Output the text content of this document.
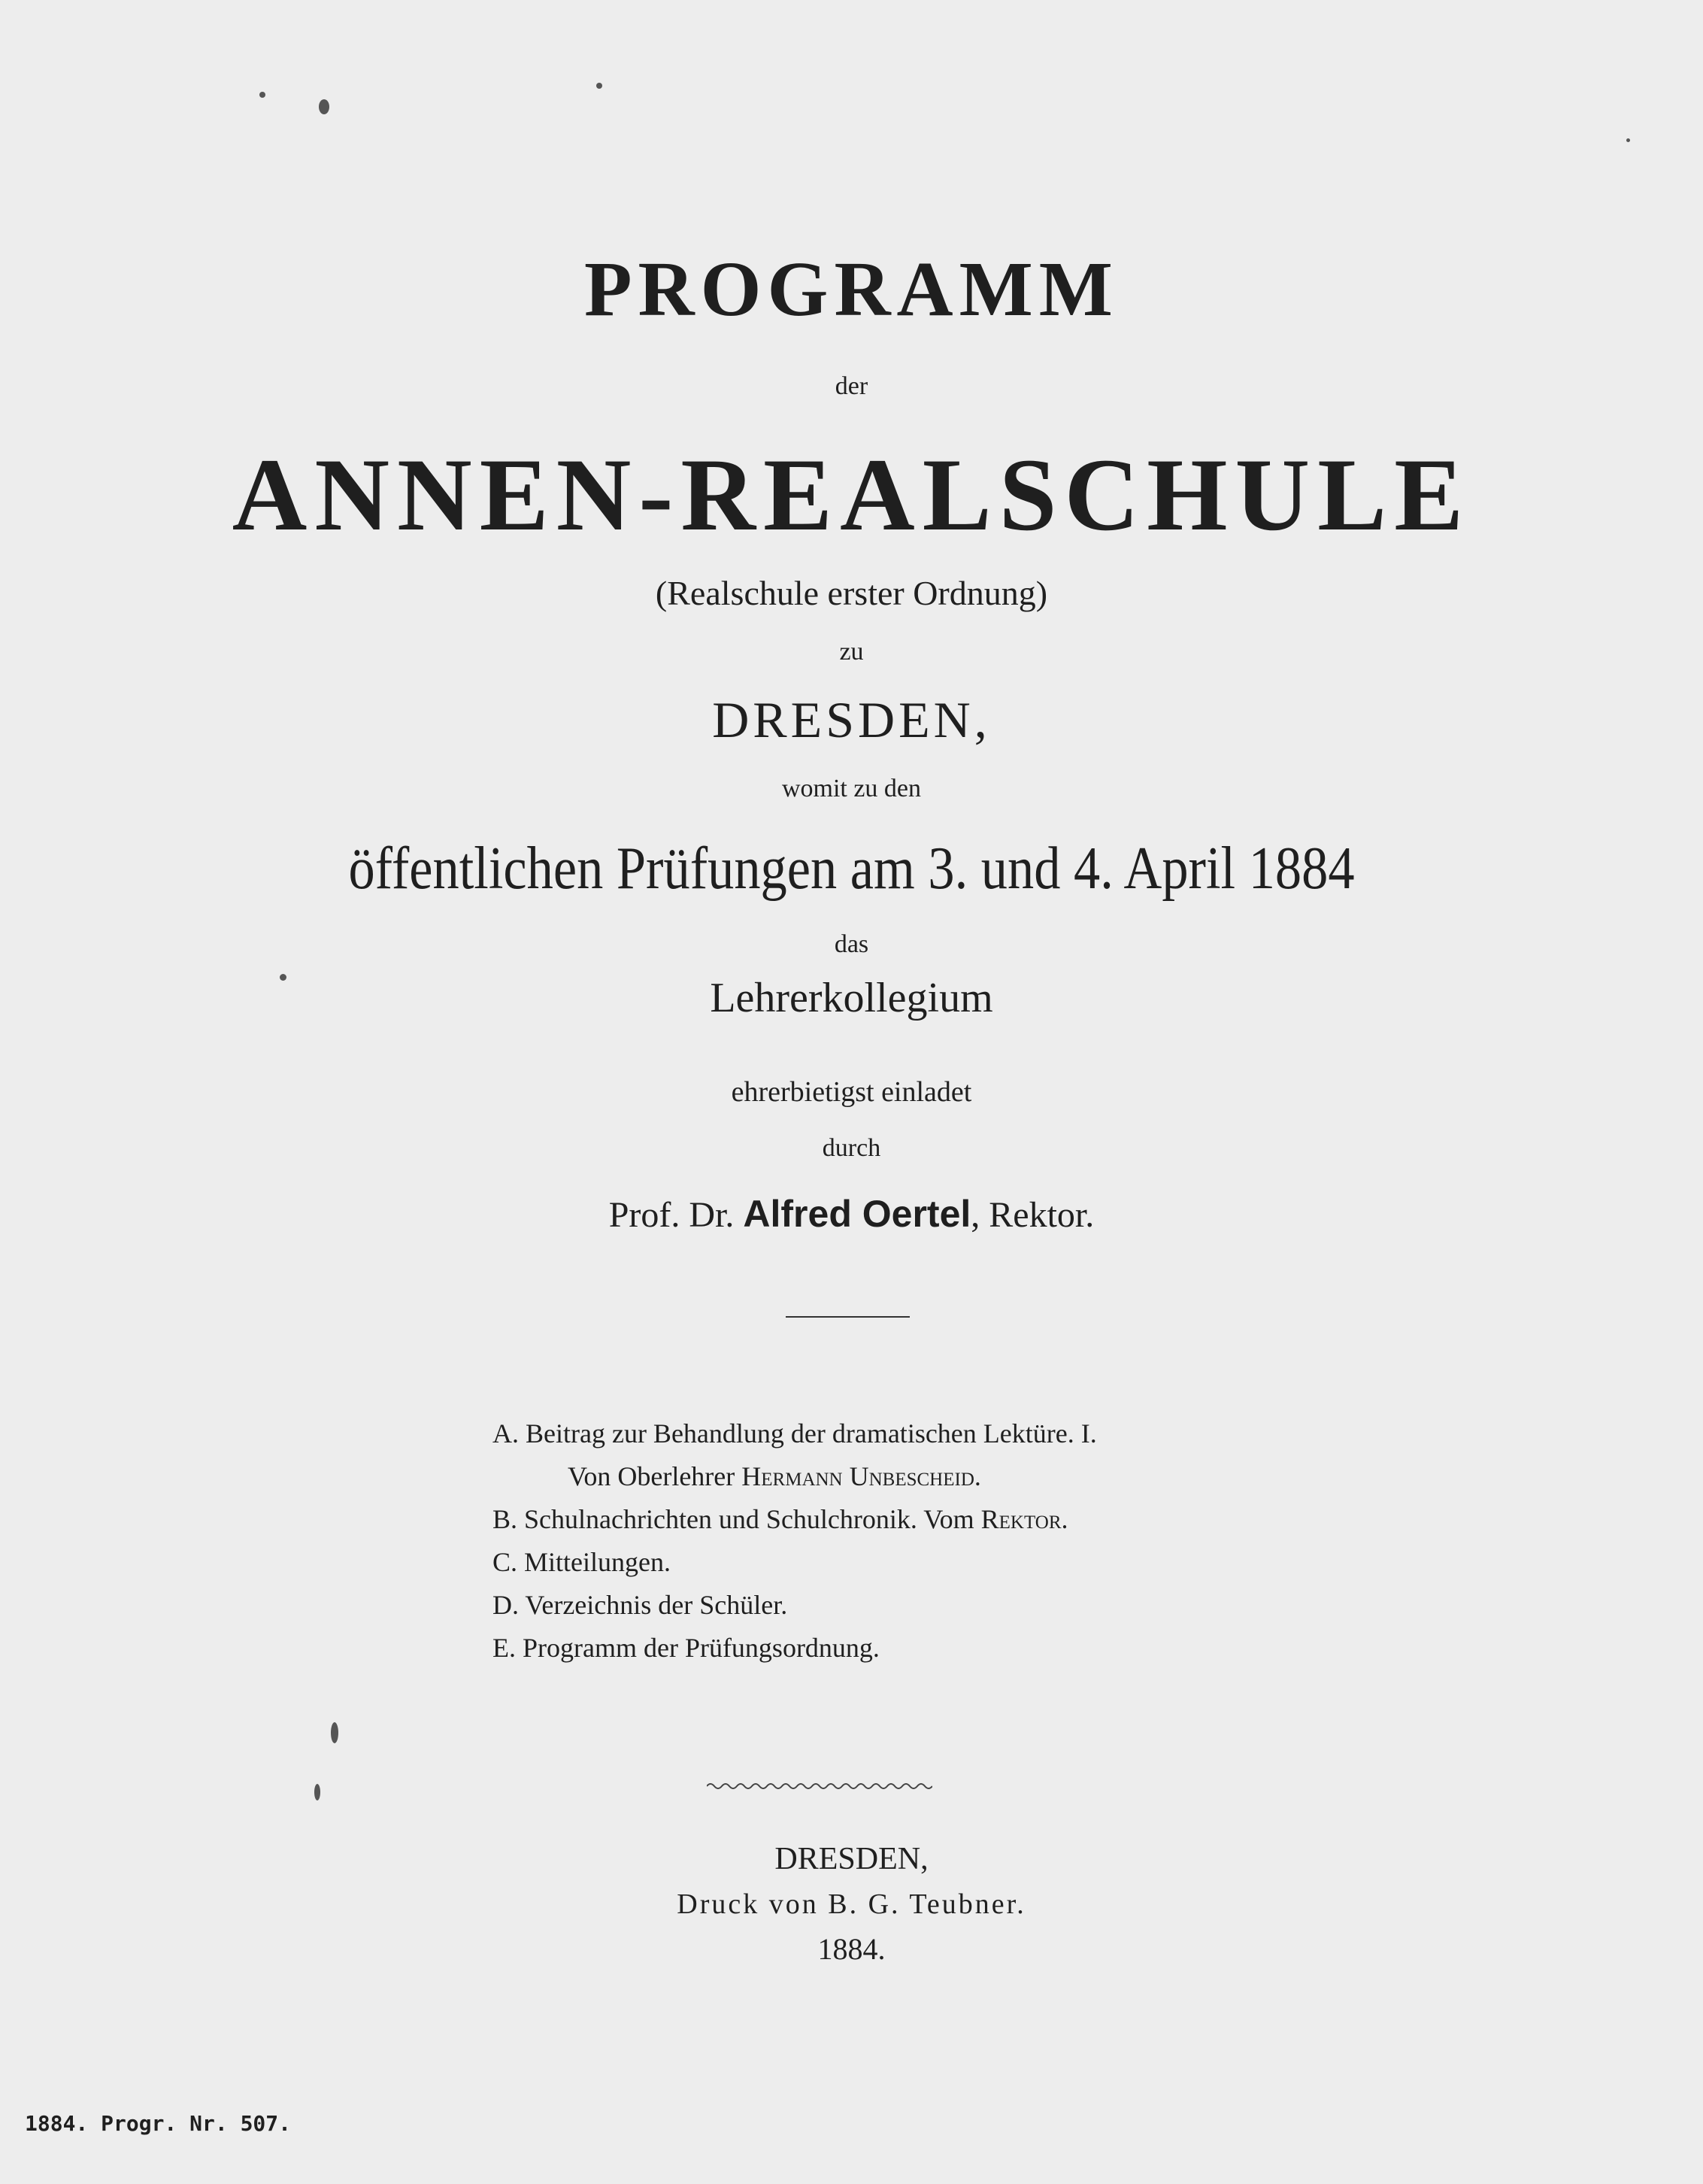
PROGRAMM
der
ANNEN-REALSCHULE
(Realschule erster Ordnung)
zu
DRESDEN,
womit zu den
öffentlichen Prüfungen am 3. und 4. April 1884
das
Lehrerkollegium
durch
ehrerbietigst einladet
Prof. Dr. Alfred Oertel, Rektor.
A. Beitrag zur Behandlung der dramatischen Lektüre. I.
Von Oberlehrer Hermann Unbescheid.
B. Schulnachrichten und Schulchronik. Vom Rektor.
C. Mitteilungen.
D. Verzeichnis der Schüler.
E. Programm der Prüfungsordnung.
DRESDEN,
Druck von B. G. Teubner.
1884.
1884. Progr. Nr. 507.
